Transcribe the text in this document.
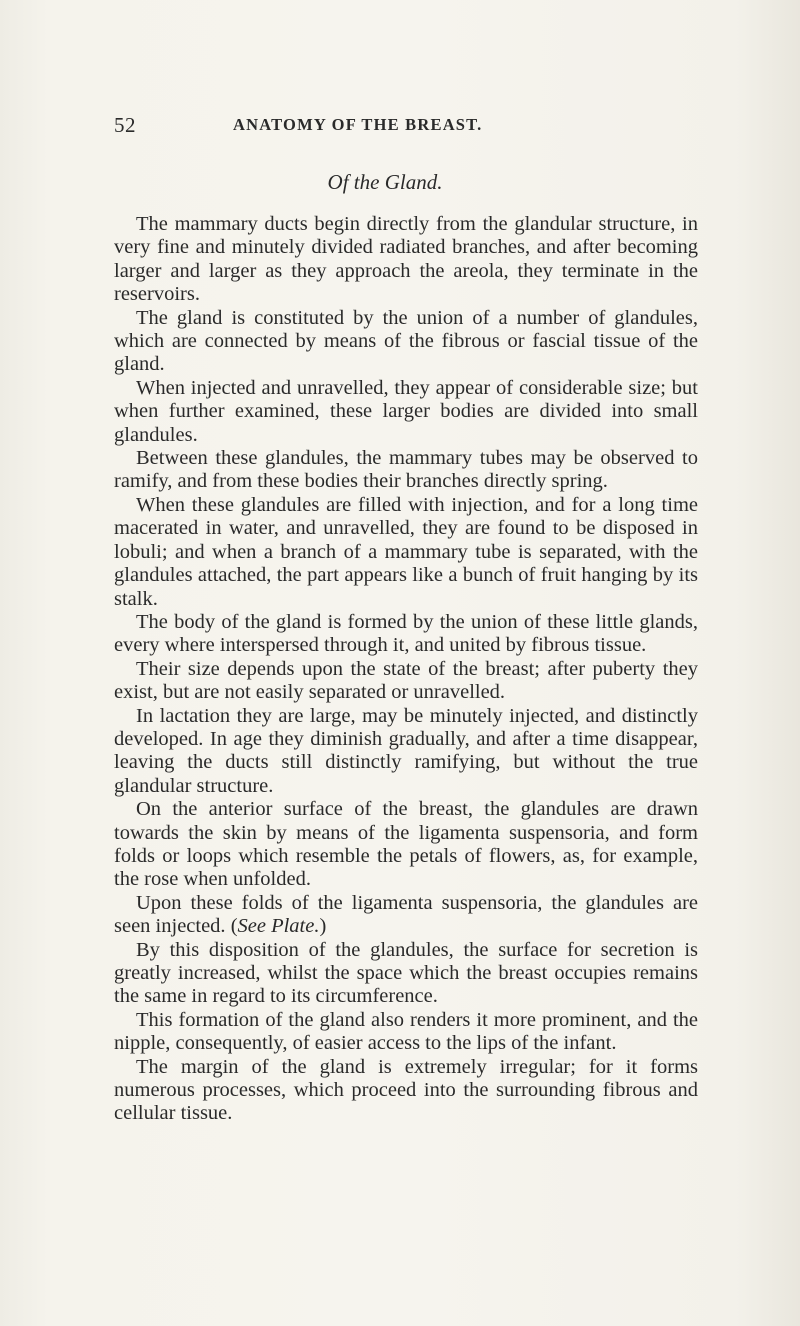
52	ANATOMY OF THE BREAST.
Of the Gland.

The mammary ducts begin directly from the glandular structure, in very fine and minutely divided radiated branches, and after becoming larger and larger as they approach the areola, they terminate in the reservoirs.

The gland is constituted by the union of a number of glandules, which are connected by means of the fibrous or fascial tissue of the gland.

When injected and unravelled, they appear of considerable size; but when further examined, these larger bodies are divided into small glandules.

Between these glandules, the mammary tubes may be observed to ramify, and from these bodies their branches directly spring.

When these glandules are filled with injection, and for a long time macerated in water, and unravelled, they are found to be disposed in lobuli; and when a branch of a mammary tube is separated, with the glandules attached, the part appears like a bunch of fruit hanging by its stalk.

The body of the gland is formed by the union of these little glands, every where interspersed through it, and united by fibrous tissue.

Their size depends upon the state of the breast; after puberty they exist, but are not easily separated or unravelled.

In lactation they are large, may be minutely injected, and distinctly developed. In age they diminish gradually, and after a time disappear, leaving the ducts still distinctly ramifying, but without the true glandular structure.

On the anterior surface of the breast, the glandules are drawn towards the skin by means of the ligamenta suspensoria, and form folds or loops which resemble the petals of flowers, as, for example, the rose when unfolded.

Upon these folds of the ligamenta suspensoria, the glandules are seen injected. (See Plate.)

By this disposition of the glandules, the surface for secretion is greatly increased, whilst the space which the breast occupies remains the same in regard to its circumference.

This formation of the gland also renders it more prominent, and the nipple, consequently, of easier access to the lips of the infant.

The margin of the gland is extremely irregular; for it forms numerous processes, which proceed into the surrounding fibrous and cellular tissue.
